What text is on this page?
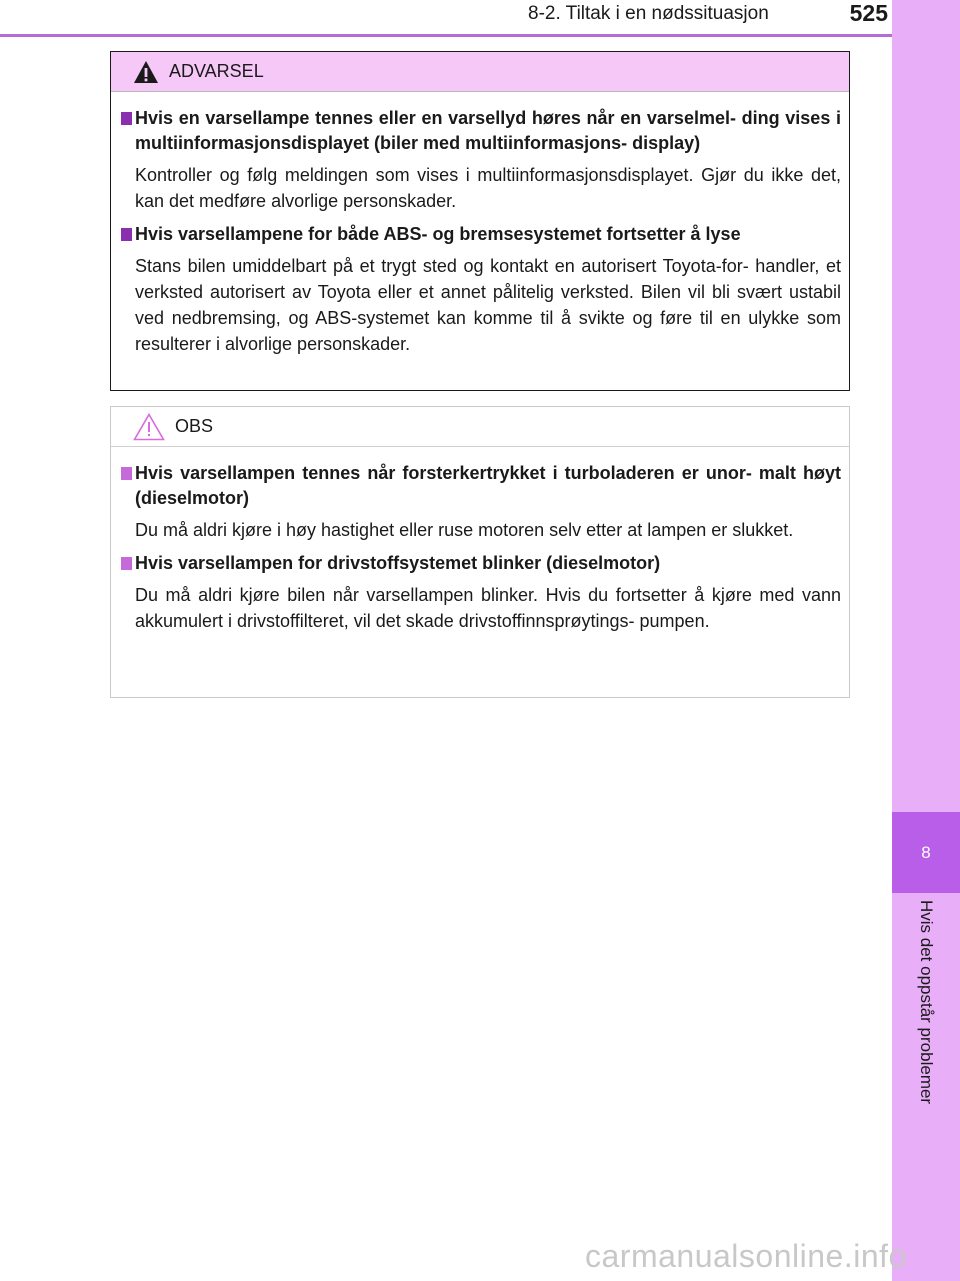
8-2. Tiltak i en nødssituasjon	525
8
Hvis det oppstår problemer
ADVARSEL
Hvis en varsellampe tennes eller en varsellyd høres når en varselmel- ding vises i multiinformasjonsdisplayet (biler med multiinformasjons- display)
Kontroller og følg meldingen som vises i multiinformasjonsdisplayet. Gjør du ikke det, kan det medføre alvorlige personskader.
Hvis varsellampene for både ABS- og bremsesystemet fortsetter å lyse
Stans bilen umiddelbart på et trygt sted og kontakt en autorisert Toyota-for- handler, et verksted autorisert av Toyota eller et annet pålitelig verksted. Bilen vil bli svært ustabil ved nedbremsing, og ABS-systemet kan komme til å svikte og føre til en ulykke som resulterer i alvorlige personskader.
OBS
Hvis varsellampen tennes når forsterkertrykket i turboladeren er unor- malt høyt (dieselmotor)
Du må aldri kjøre i høy hastighet eller ruse motoren selv etter at lampen er slukket.
Hvis varsellampen for drivstoffsystemet blinker (dieselmotor)
Du må aldri kjøre bilen når varsellampen blinker. Hvis du fortsetter å kjøre med vann akkumulert i drivstoffilteret, vil det skade drivstoffinnsprøytings- pumpen.
carmanualsonline.info
